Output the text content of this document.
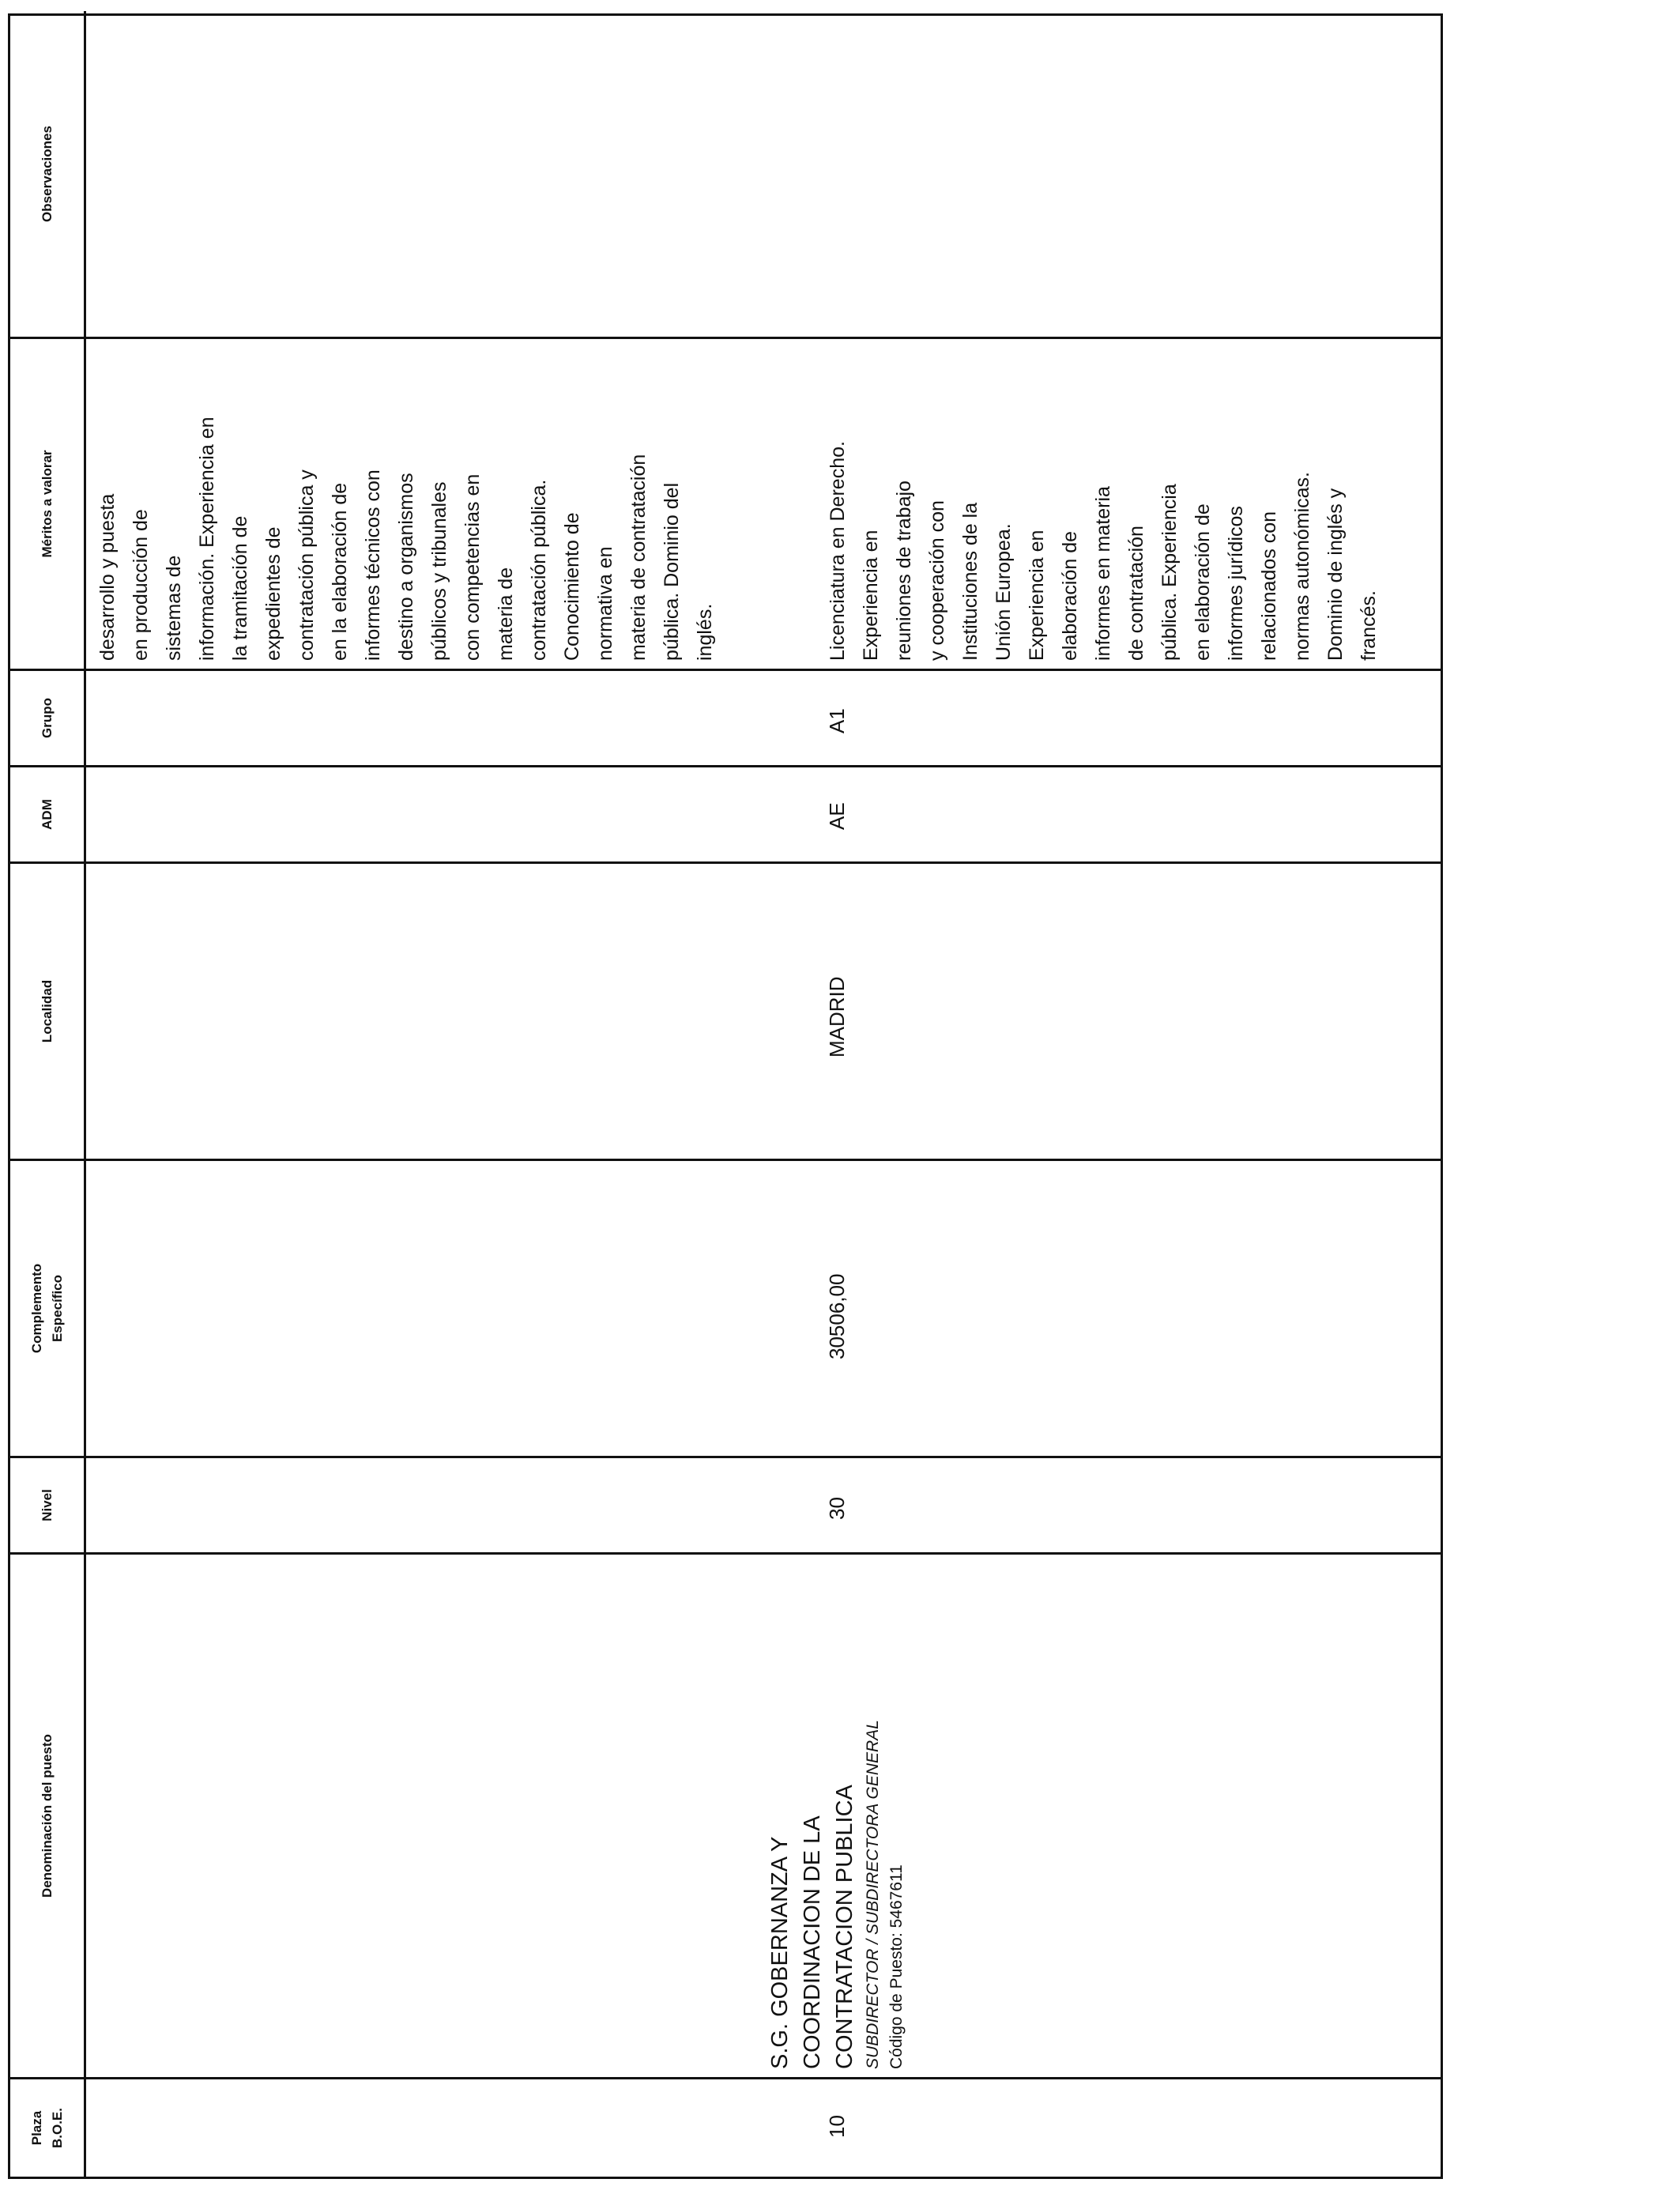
Plaza
B.O.E.
Denominación del puesto
Nivel
Complemento
Específico
Localidad
ADM
Grupo
Méritos a valorar
Observaciones
10
S.G. GOBERNANZA Y COORDINACION DE LA CONTRATACION PUBLICA SUBDIRECTOR / SUBDIRECTORA GENERAL Código de Puesto: 5467611
30
30506,00
MADRID
AE
A1
desarrollo y puesta en producción de sistemas de información. Experiencia en la tramitación de expedientes de contratación pública y en la elaboración de informes técnicos con destino a organismos públicos y tribunales con competencias en materia de contratación pública. Conocimiento de normativa en materia de contratación pública. Dominio del inglés.	Licenciatura en Derecho. Experiencia en reuniones de trabajo y cooperación con Instituciones de la Unión Europea. Experiencia en elaboración de informes en materia de contratación pública. Experiencia en elaboración de informes jurídicos relacionados con normas autonómicas. Dominio de inglés y francés.
